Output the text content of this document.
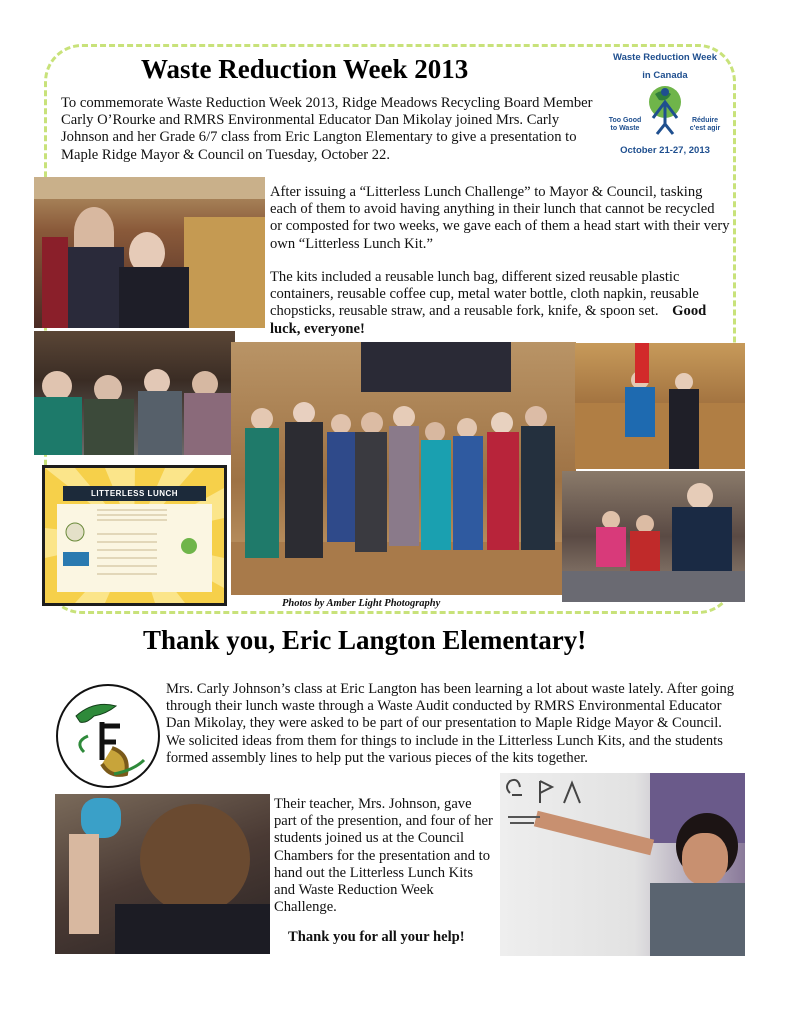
Waste Reduction Week 2013

To commemorate Waste Reduction Week 2013, Ridge Meadows Recycling Board Member Carly O’Rourke and RMRS Environmental Educator Dan Mikolay joined Mrs. Carly Johnson and her Grade 6/7 class from Eric Langton Elementary to give a presentation to Maple Ridge Mayor & Council on Tuesday, October 22.

Waste Reduction Week
in Canada
Too Good to Waste
Réduire c'est agir
October 21-27, 2013

After issuing a “Litterless Lunch Challenge” to Mayor & Council, tasking each of them to avoid having anything in their lunch that cannot be recycled or composted for two weeks, we gave each of them a head start with their very own “Litterless Lunch Kit.”

The kits included a reusable lunch bag, different sized reusable plastic containers, reusable coffee cup, metal water bottle, cloth napkin, reusable chopsticks, reusable straw, and a reusable fork, knife, & spoon set. Good luck, everyone!

LITTERLESS LUNCH
Photos by Amber Light Photography
Thank you, Eric Langton Elementary!

Mrs. Carly Johnson’s class at Eric Langton has been learning a lot about waste lately. After going through their lunch waste through a Waste Audit conducted by RMRS Environmental Educator Dan Mikolay, they were asked to be part of our presentation to Maple Ridge Mayor & Council. We solicited ideas from them for things to include in the Litterless Lunch Kits, and the students formed assembly lines to help put the various pieces of the kits together.

Their teacher, Mrs. Johnson, gave part of the presention, and four of her students joined us at the Council Chambers for the presentation and to hand out the Litterless Lunch Kits and Waste Reduction Week Challenge.

Thank you for all your help!
